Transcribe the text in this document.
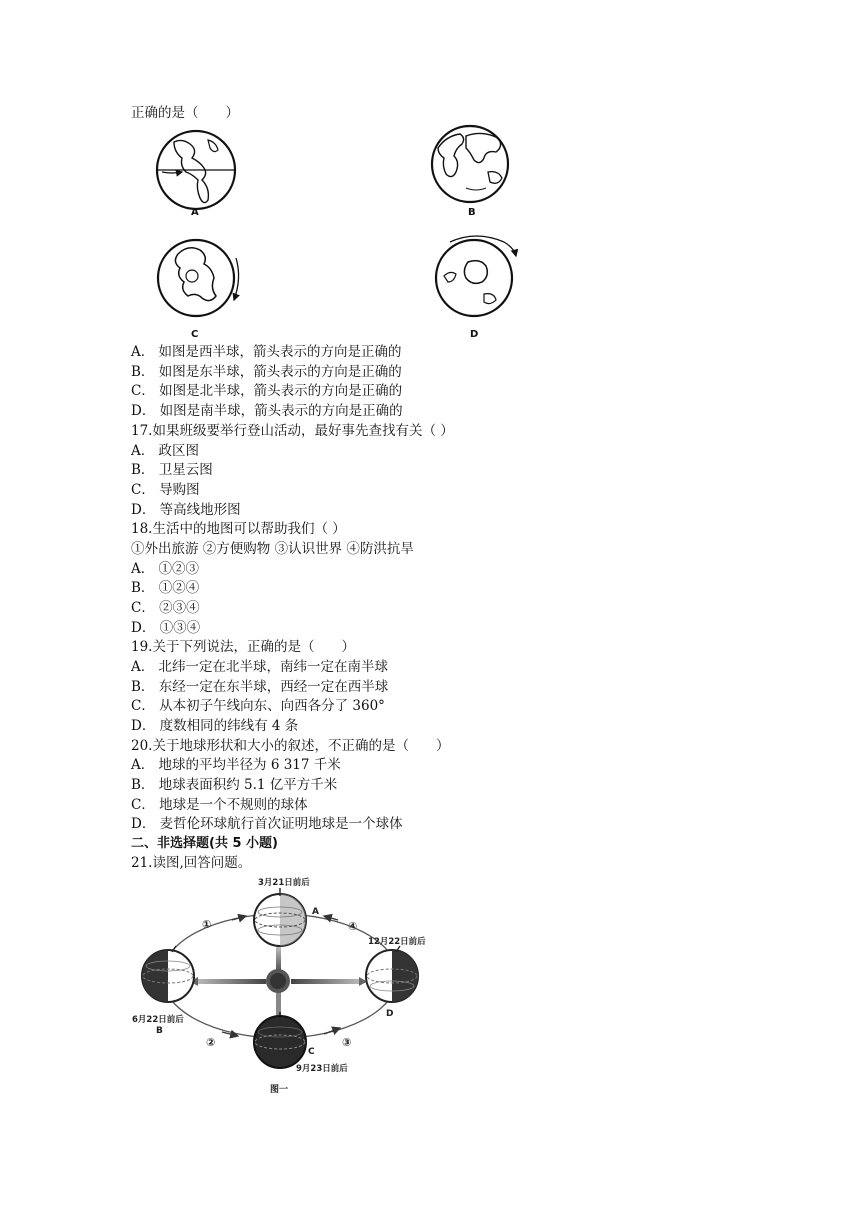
正确的是（　　）
A	B
C	D
A． 如图是西半球，箭头表示的方向是正确的
B． 如图是东半球，箭头表示的方向是正确的
C． 如图是北半球，箭头表示的方向是正确的
D． 如图是南半球，箭头表示的方向是正确的
17.如果班级要举行登山活动，最好事先查找有关（ ）
A． 政区图
B． 卫星云图
C． 导购图
D． 等高线地形图
18.生活中的地图可以帮助我们（ ）
①外出旅游 ②方便购物 ③认识世界 ④防洪抗旱
A． ①②③
B． ①②④
C． ②③④
D． ①③④
19.关于下列说法，正确的是（　　）
A． 北纬一定在北半球，南纬一定在南半球
B． 东经一定在东半球，西经一定在西半球
C． 从本初子午线向东、向西各分了 360°
D． 度数相同的纬线有 4 条
20.关于地球形状和大小的叙述，不正确的是（　　）
A． 地球的平均半径为 6 317 千米
B． 地球表面积约 5.1 亿平方千米
C． 地球是一个不规则的球体
D． 麦哲伦环球航行首次证明地球是一个球体
二、非选择题(共 5 小题)
21.读图,回答问题。
3月21日前后
A
12月22日前后
D
6月22日前后
B
C
9月23日前后
①	④
②	③
图一
